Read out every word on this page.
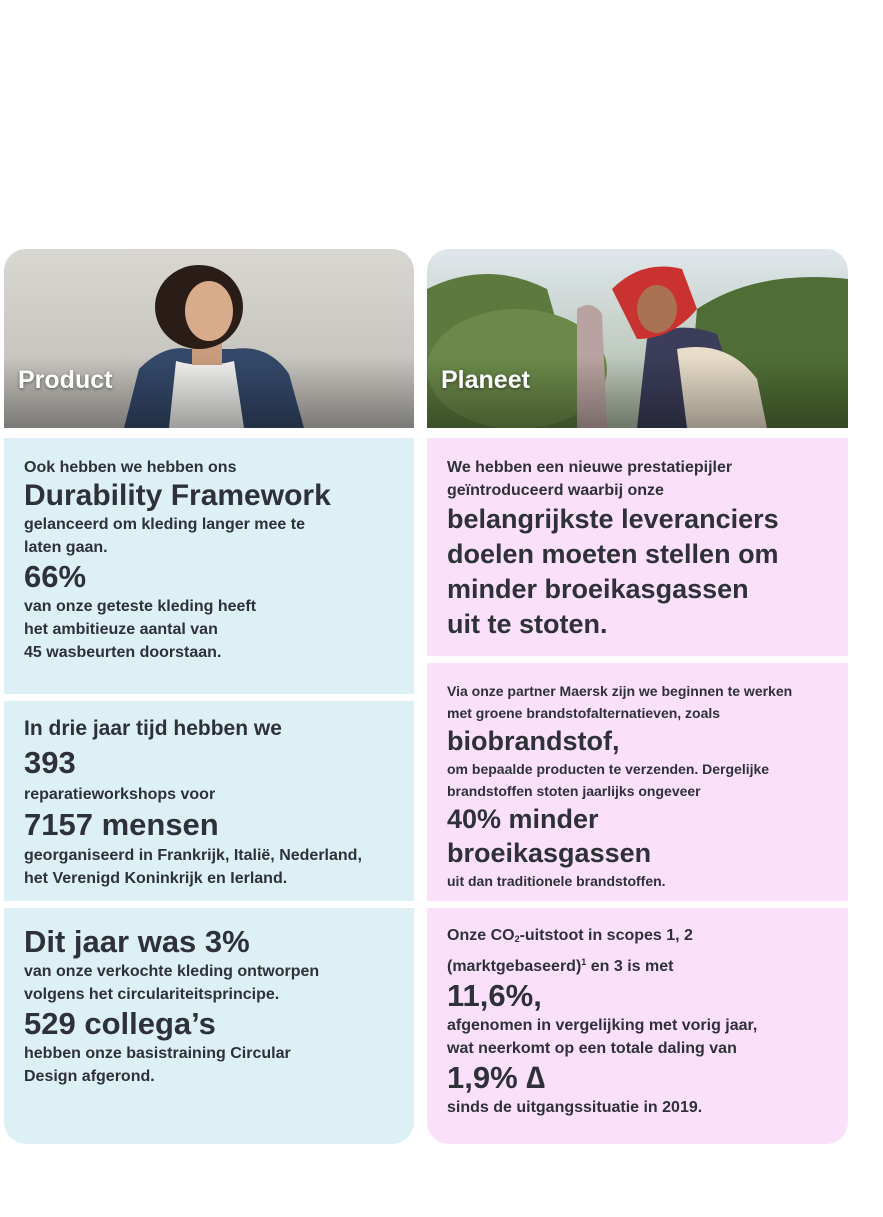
Product

Ook hebben we hebben ons

Durability Framework

gelanceerd om kleding langer mee te

laten gaan.

66%

van onze geteste kleding heeft

het ambitieuze aantal van

45 wasbeurten doorstaan.

In drie jaar tijd hebben we

393

reparatieworkshops voor

7157 mensen

georganiseerd in Frankrijk, Italië, Nederland,

het Verenigd Koninkrijk en Ierland.

Dit jaar was 3%

van onze verkochte kleding ontworpen

volgens het circulariteitsprincipe.

529 collega’s

hebben onze basistraining Circular

Design afgerond.

Planeet

We hebben een nieuwe prestatiepijler

geïntroduceerd waarbij onze

belangrijkste leveranciers

doelen moeten stellen om

minder broeikasgassen

uit te stoten.

Via onze partner Maersk zijn we beginnen te werken

met groene brandstofalternatieven, zoals

biobrandstof,

om bepaalde producten te verzenden. Dergelijke

brandstoffen stoten jaarlijks ongeveer

40% minder

broeikasgassen

uit dan traditionele brandstoffen.

Onze $CO_2$-uitstoot in scopes 1, 2

(marktgebaseerd)$^1$ en 3 is met

11,6%,

afgenomen in vergelijking met vorig jaar,

wat neerkomt op een totale daling van

1,9% ∆

sinds de uitgangssituatie in 2019.
